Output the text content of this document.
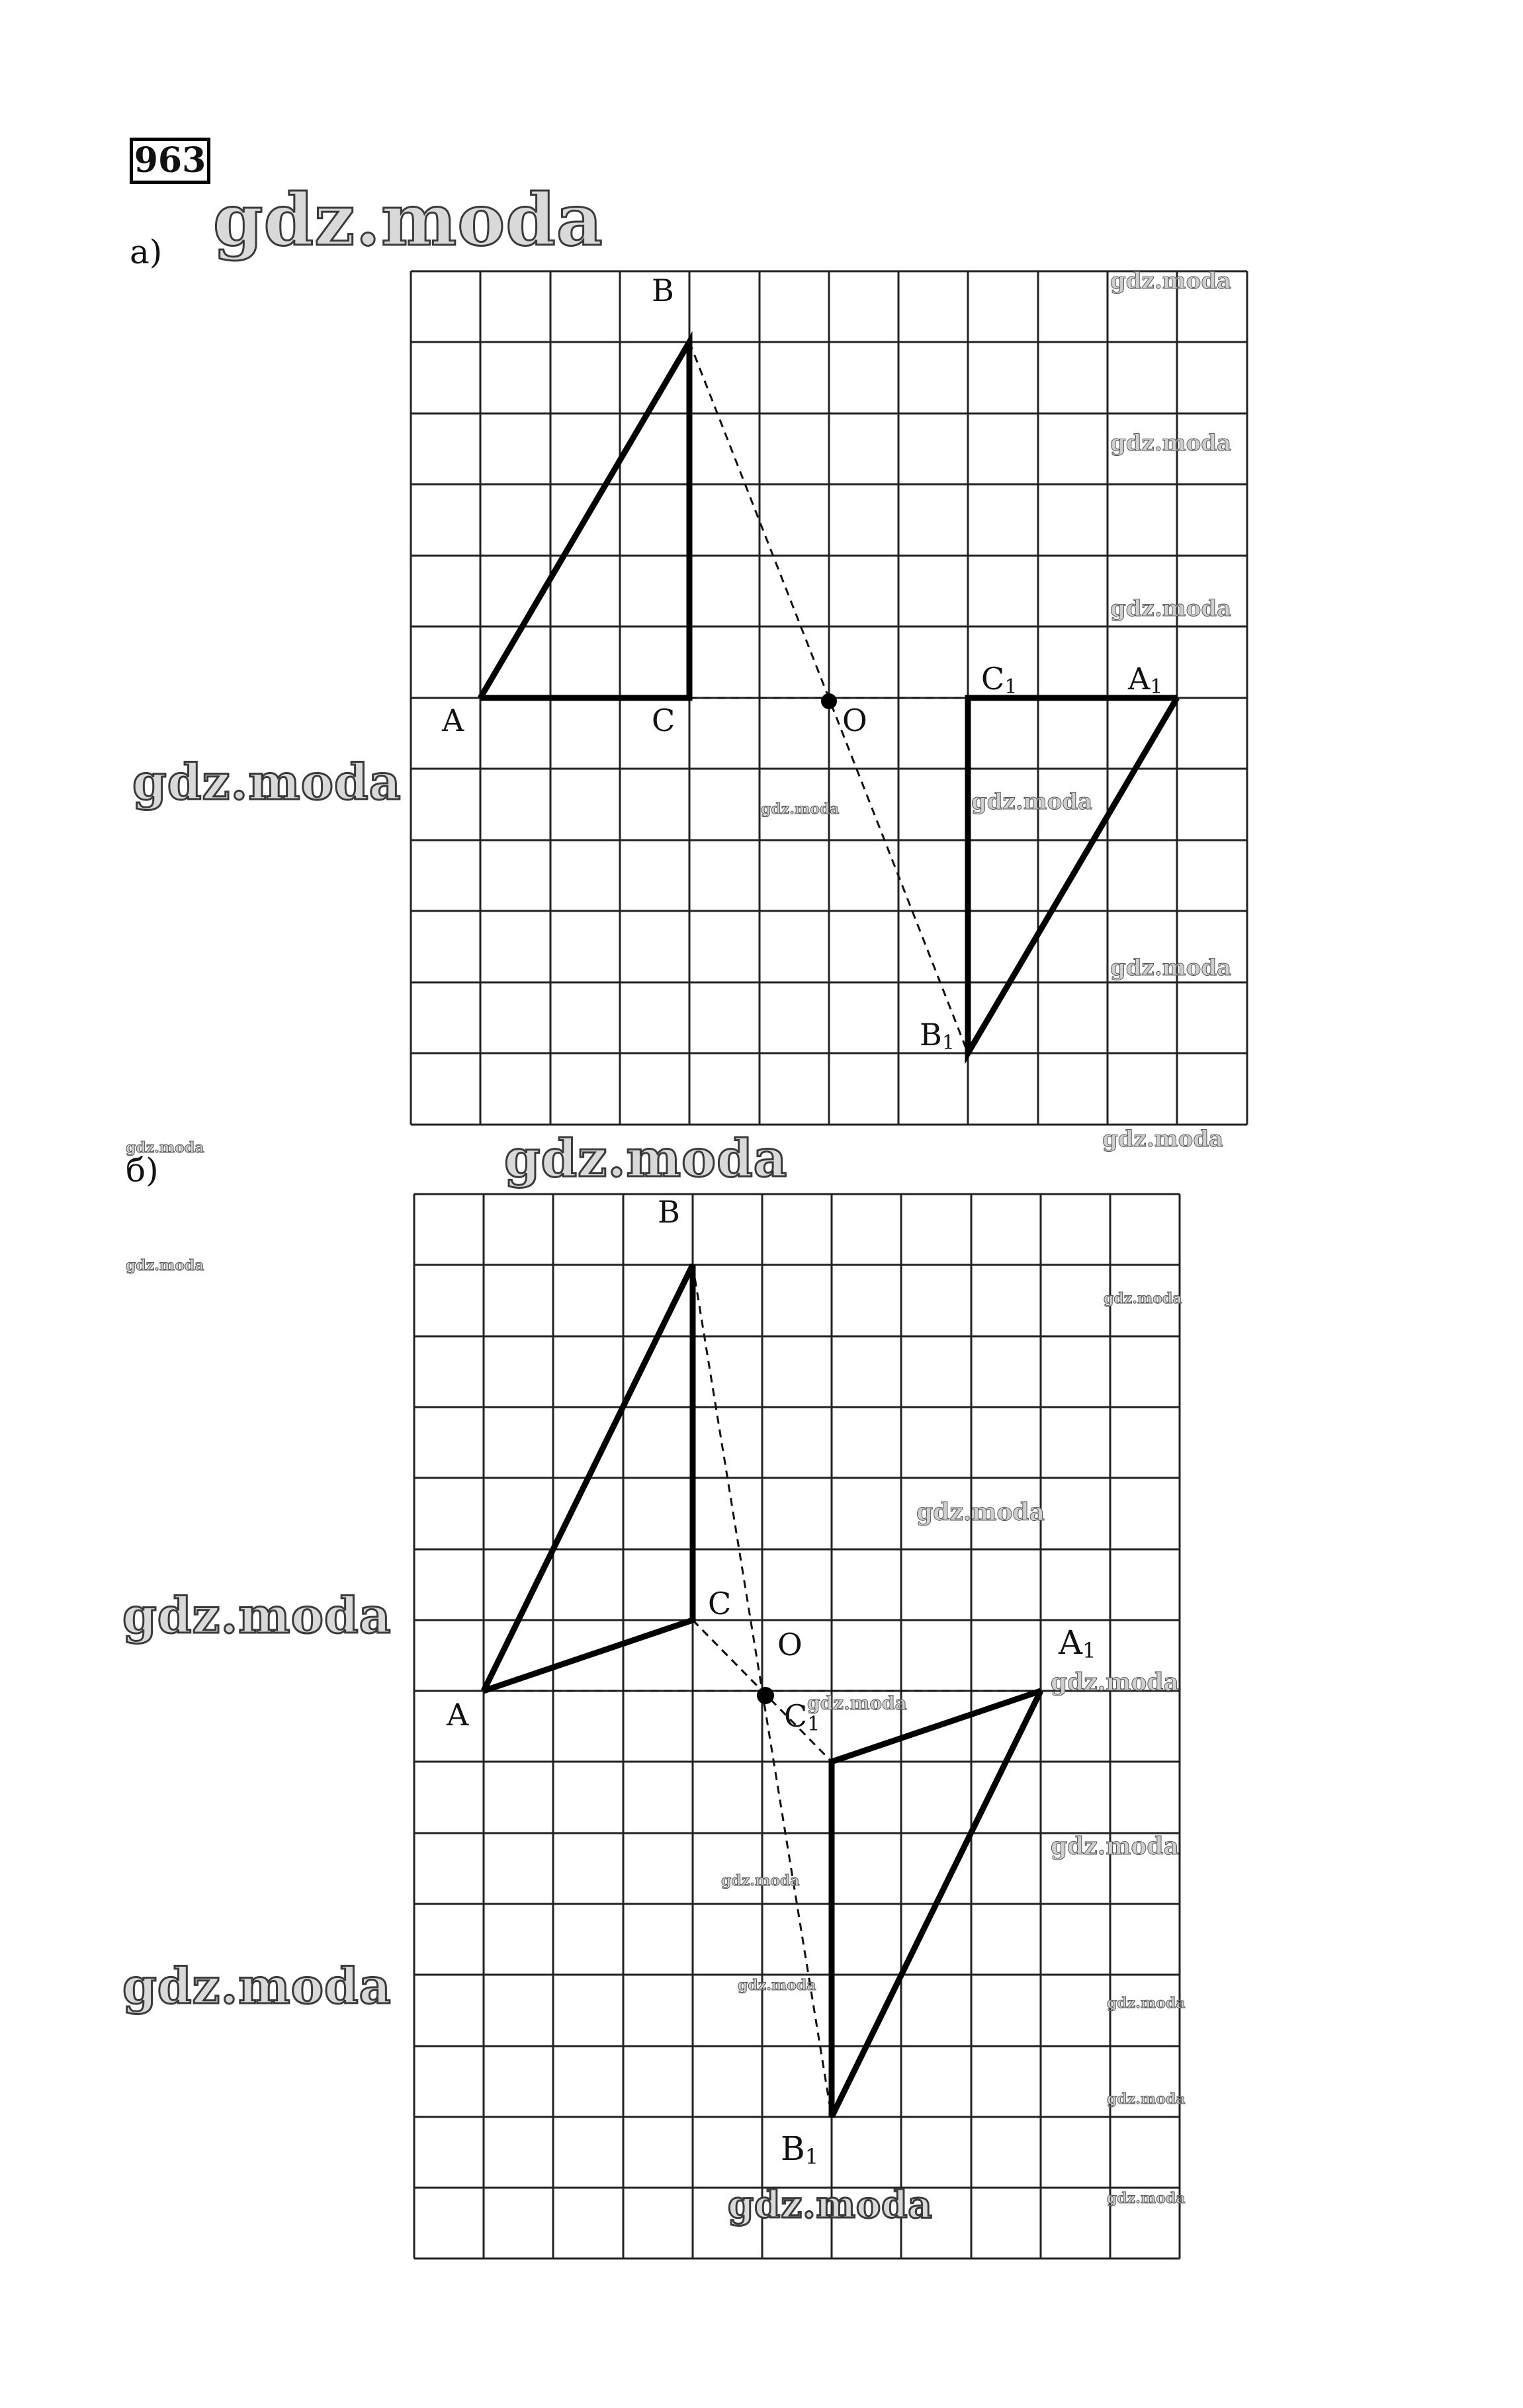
963
а)
б)
B
A	C	O
C1	A1
B1
B
A
C
O
C1
A1
B1
gdz.moda
gdz.moda
gdz.moda
gdz.moda
gdz.moda
gdz.moda
gdz.moda
gdz.moda
gdz.moda
gdz.moda	gdz.moda
gdz.moda
gdz.moda
gdz.moda
gdz.moda
gdz.moda
gdz.moda
gdz.moda
gdz.moda
gdz.moda
gdz.moda
gdz.moda
gdz.moda
gdz.moda
gdz.moda
